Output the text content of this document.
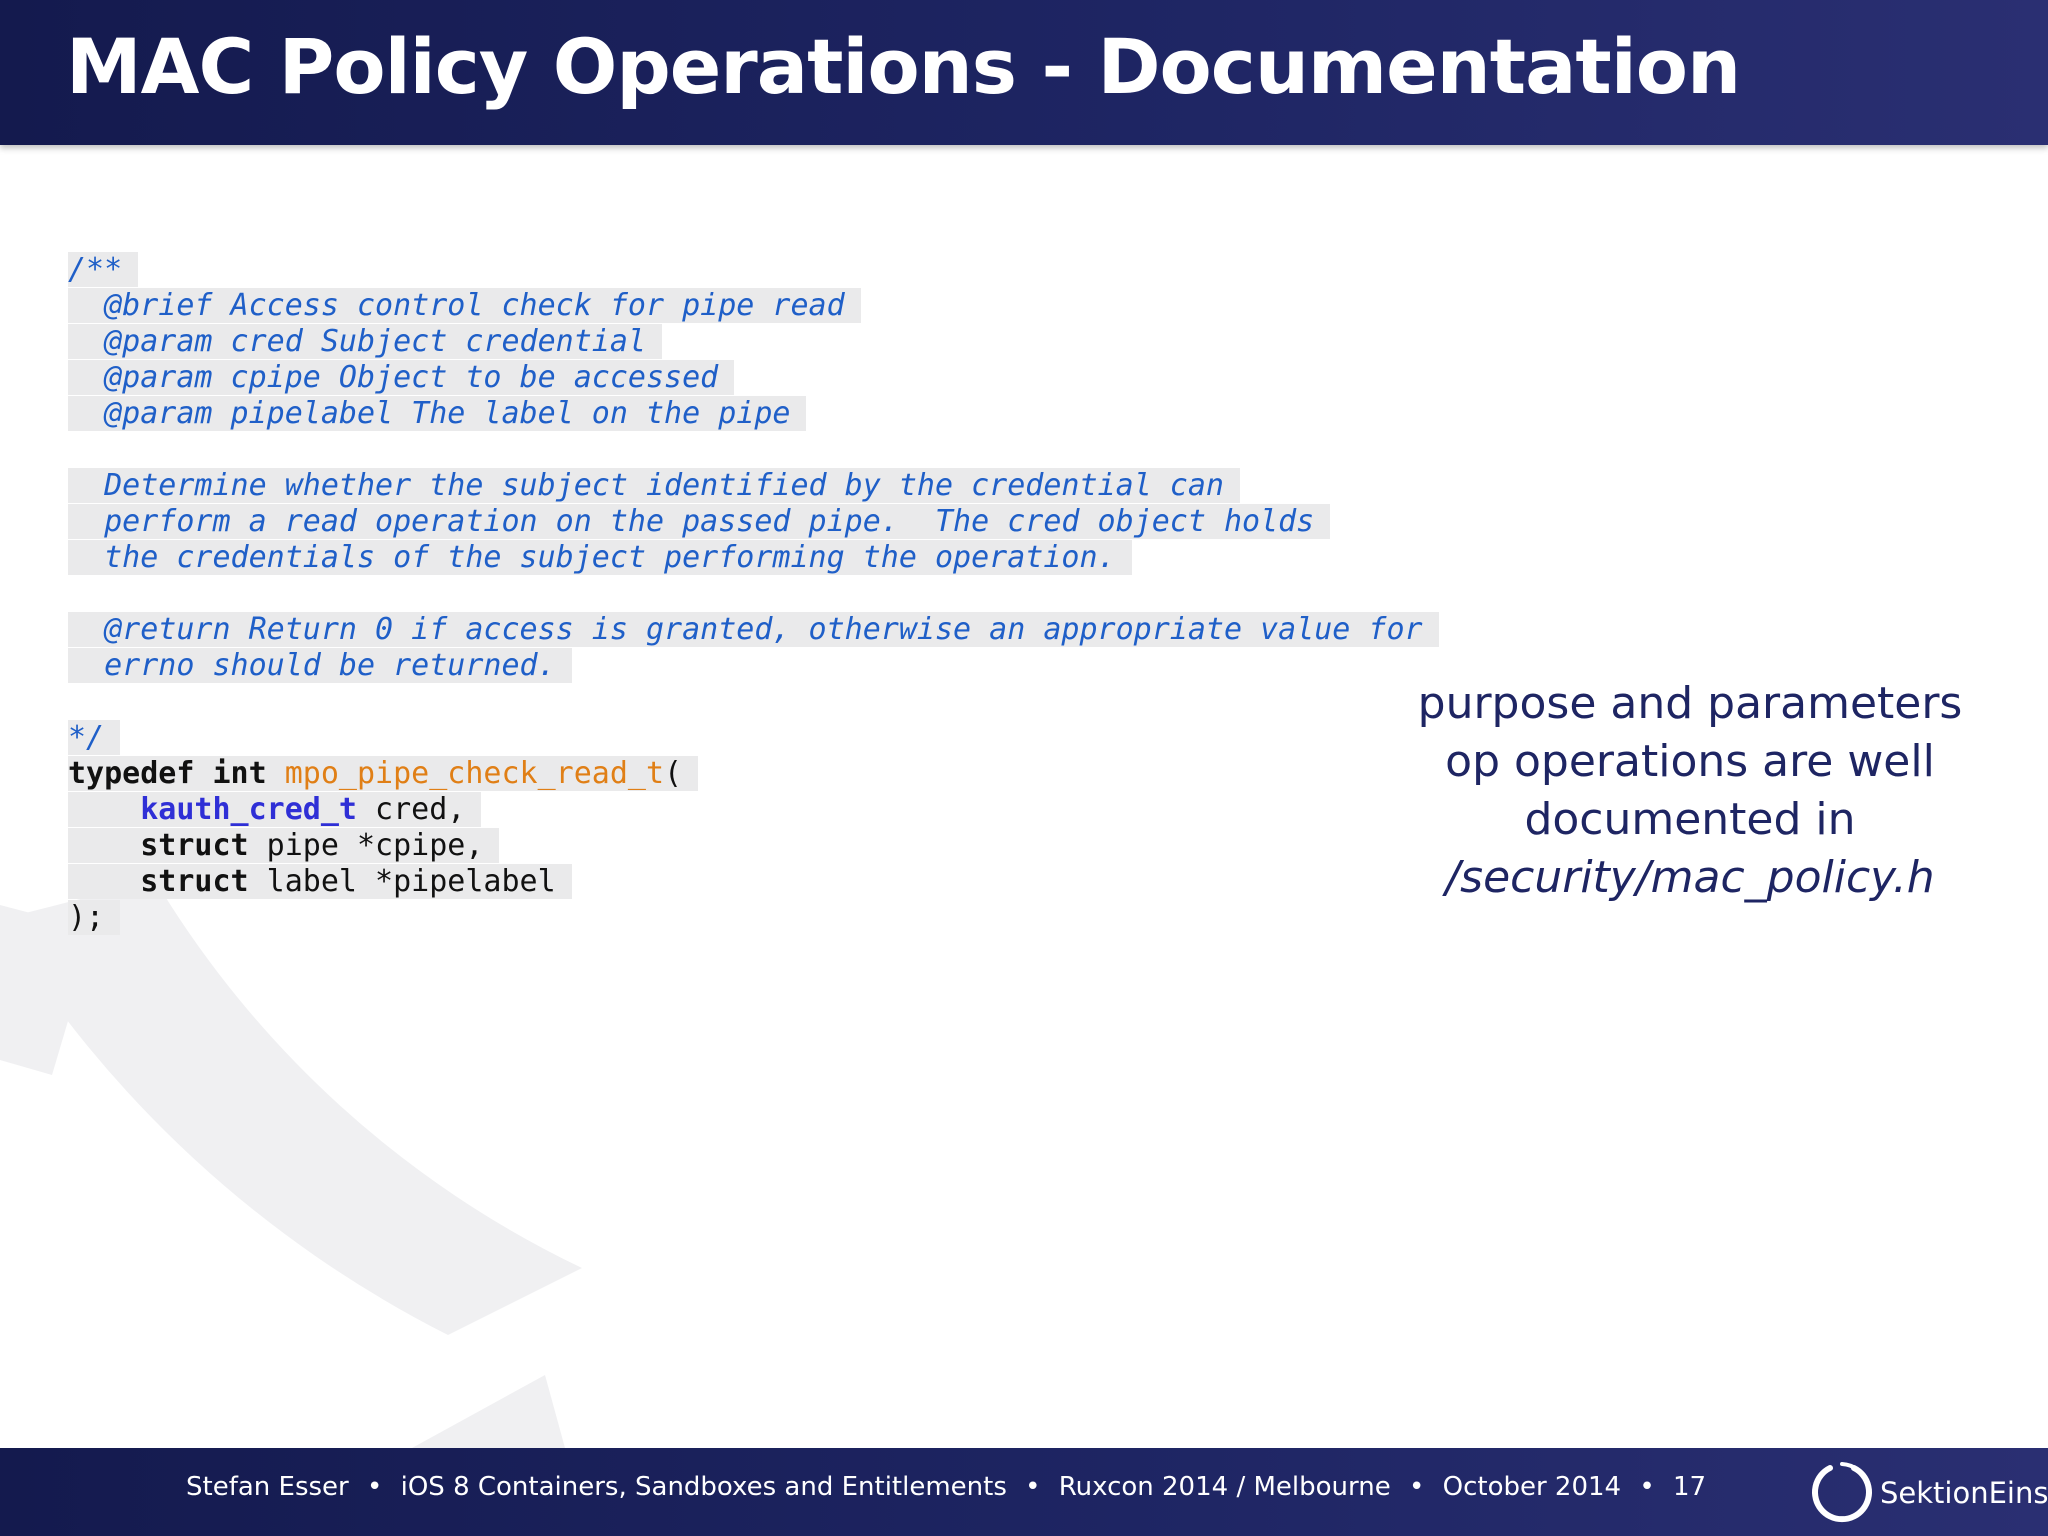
MAC Policy Operations - Documentation
/**
@brief Access control check for pipe read
@param cred Subject credential
@param cpipe Object to be accessed
@param pipelabel The label on the pipe
Determine whether the subject identified by the credential can
perform a read operation on the passed pipe.  The cred object holds
the credentials of the subject performing the operation.
@return Return 0 if access is granted, otherwise an appropriate value for
errno should be returned.
*/
typedef int mpo_pipe_check_read_t(
kauth_cred_t cred,
struct pipe *cpipe,
struct label *pipelabel
);
purpose and parameters
op operations are well
documented in
/security/mac_policy.h
Stefan Esser • iOS 8 Containers, Sandboxes and Entitlements • Ruxcon 2014 / Melbourne • October 2014 • 17	SektionEins
